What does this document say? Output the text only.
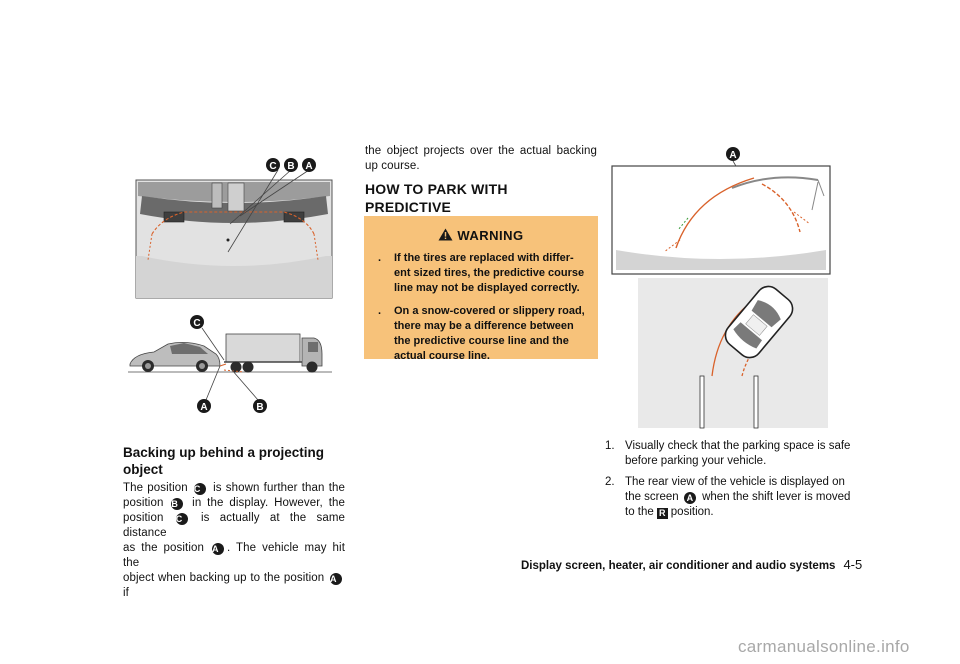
C B A
C
A	B
Backing up behind a projecting object
The position C is shown further than the
position B in the display. However, the
position C is actually at the same distance
as the position A . The vehicle may hit the
object when backing up to the position A if
the object projects over the actual backing up course.
HOW TO PARK WITH PREDICTIVE
WARNING
. If the tires are replaced with differ-ent sized tires, the predictive course line may not be displayed correctly.
. On a snow-covered or slippery road, there may be a difference between the predictive course line and the actual course line.
A
1. Visually check that the parking space is safe before parking your vehicle.
2. The rear view of the vehicle is displayed on the screen A when the shift lever is moved to the R position.
Display screen, heater, air conditioner and audio systems 4-5
carmanualsonline.info
